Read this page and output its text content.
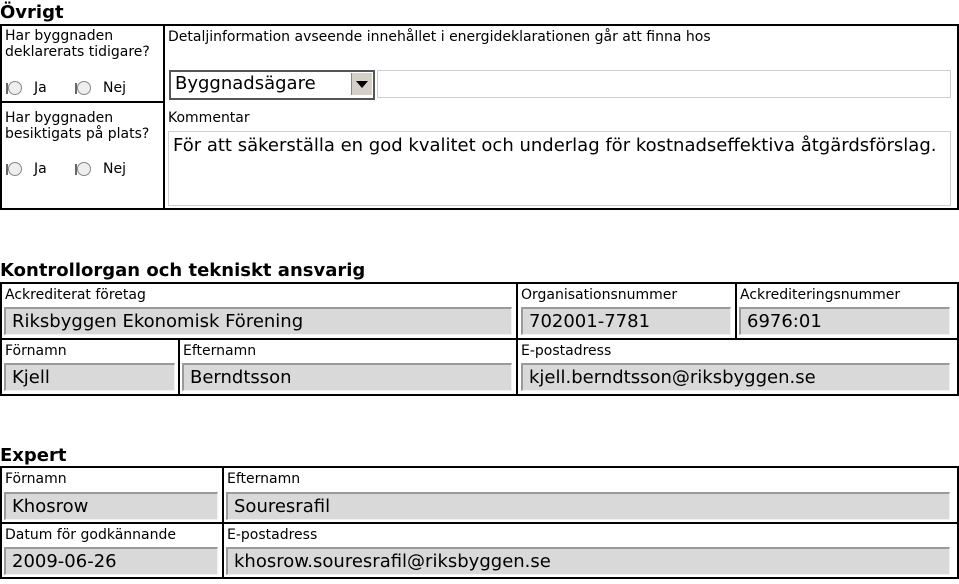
Övrigt
Har byggnaden deklarerats tidigare?
Ja	Nej
Har byggnaden besiktigats på plats?
Ja	Nej
Detaljinformation avseende innehållet i energideklarationen går att finna hos
Byggnadsägare
Kommentar
För att säkerställa en god kvalitet och underlag för kostnadseffektiva åtgärdsförslag.
Kontrollorgan och tekniskt ansvarig
Ackrediterat företag
Riksbyggen Ekonomisk Förening
Organisationsnummer
702001-7781
Ackrediteringsnummer
6976:01
Förnamn
Kjell
Efternamn
Berndtsson
E-postadress
kjell.berndtsson@riksbyggen.se
Expert
Förnamn
Khosrow
Efternamn
Souresrafil
Datum för godkännande
2009-06-26
E-postadress
khosrow.souresrafil@riksbyggen.se
